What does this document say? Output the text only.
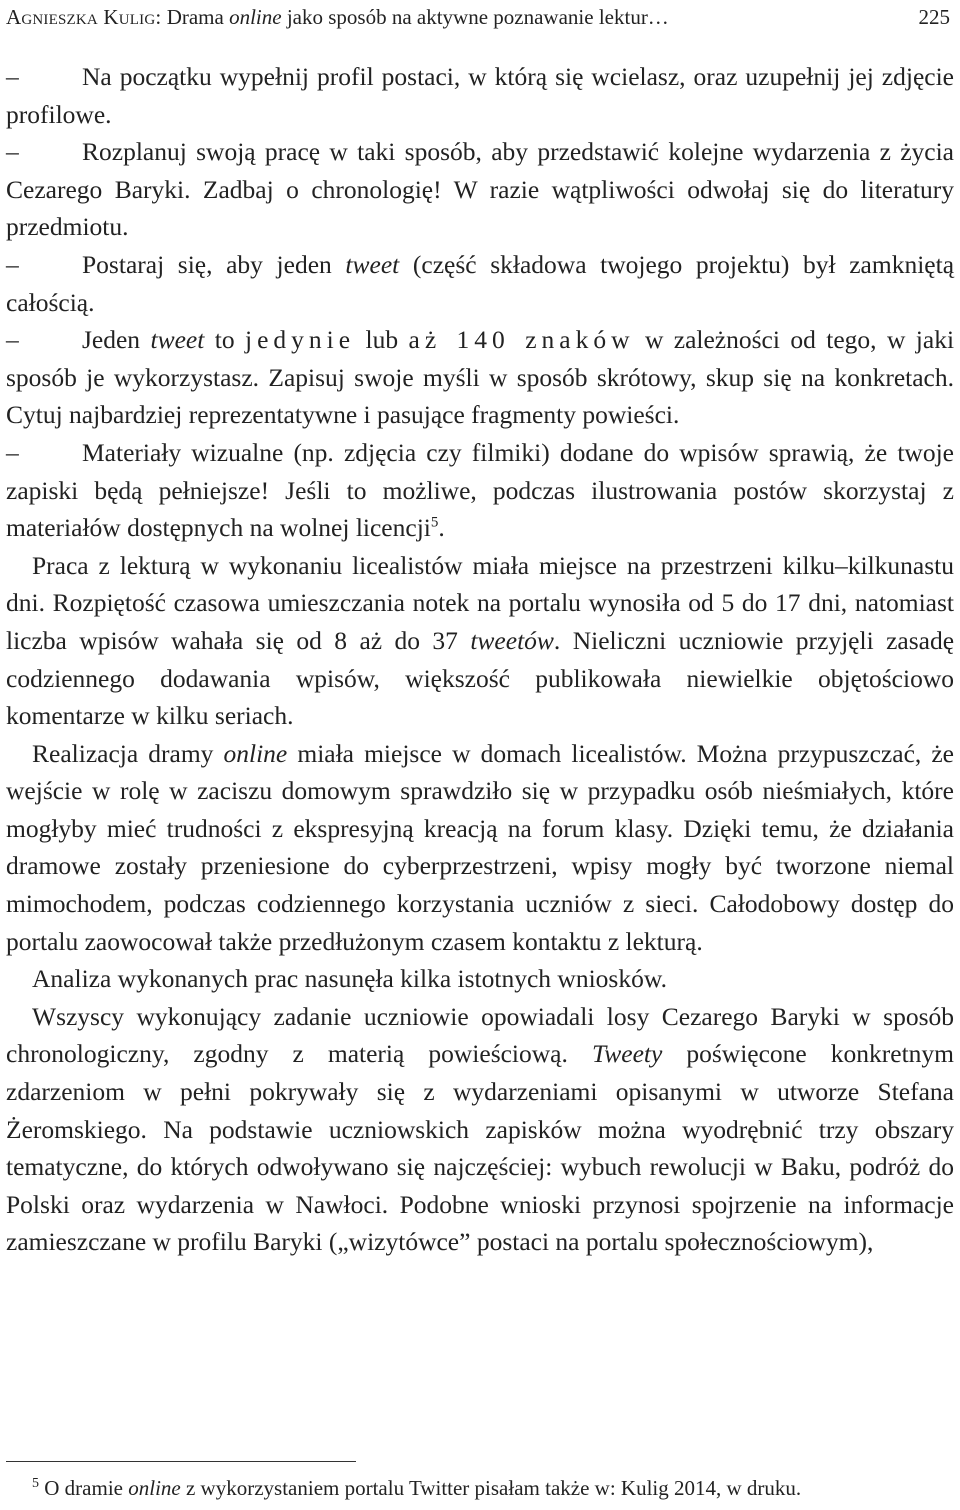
Agnieszka Kulig: Drama online jako sposób na aktywne poznawanie lektur…	225
–	Na początku wypełnij profil postaci, w którą się wcielasz, oraz uzupełnij jej zdjęcie profilowe.

–	Rozplanuj swoją pracę w taki sposób, aby przedstawić kolejne wydarzenia z życia Cezarego Baryki. Zadbaj o chronologię! W razie wątpliwości odwołaj się do literatury przedmiotu.

–	Postaraj się, aby jeden tweet (część składowa twojego projektu) był zamkniętą całością.

–	Jeden tweet to jedynie lub aż 140 znaków w zależności od tego, w jaki sposób je wykorzystasz. Zapisuj swoje myśli w sposób skrótowy, skup się na konkretach. Cytuj najbardziej reprezentatywne i pasujące fragmenty powieści.

–	Materiały wizualne (np. zdjęcia czy filmiki) dodane do wpisów sprawią, że twoje zapiski będą pełniejsze! Jeśli to możliwe, podczas ilustrowania postów skorzystaj z materiałów dostępnych na wolnej licencji$^5$.

Praca z lekturą w wykonaniu licealistów miała miejsce na przestrzeni kilku–kilkunastu dni. Rozpiętość czasowa umieszczania notek na portalu wynosiła od 5 do 17 dni, natomiast liczba wpisów wahała się od 8 aż do 37 tweetów. Nieliczni uczniowie przyjęli zasadę codziennego dodawania wpisów, większość publikowała niewielkie objętościowo komentarze w kilku seriach.

Realizacja dramy online miała miejsce w domach licealistów. Można przypuszczać, że wejście w rolę w zaciszu domowym sprawdziło się w przypadku osób nieśmiałych, które mogłyby mieć trudności z ekspresyjną kreacją na forum klasy. Dzięki temu, że działania dramowe zostały przeniesione do cyberprzestrzeni, wpisy mogły być tworzone niemal mimochodem, podczas codziennego korzystania uczniów z sieci. Całodobowy dostęp do portalu zaowocował także przedłużonym czasem kontaktu z lekturą.

Analiza wykonanych prac nasunęła kilka istotnych wniosków.

Wszyscy wykonujący zadanie uczniowie opowiadali losy Cezarego Baryki w sposób chronologiczny, zgodny z materią powieściową. Tweety poświęcone konkretnym zdarzeniom w pełni pokrywały się z wydarzeniami opisanymi w utworze Stefana Żeromskiego. Na podstawie uczniowskich zapisków można wyodrębnić trzy obszary tematyczne, do których odwoływano się najczęściej: wybuch rewolucji w Baku, podróż do Polski oraz wydarzenia w Nawłoci. Podobne wnioski przynosi spojrzenie na informacje zamieszczane w profilu Baryki („wizytówce” postaci na portalu społecznościowym),

$^5$ O dramie online z wykorzystaniem portalu Twitter pisałam także w: Kulig 2014, w druku.
